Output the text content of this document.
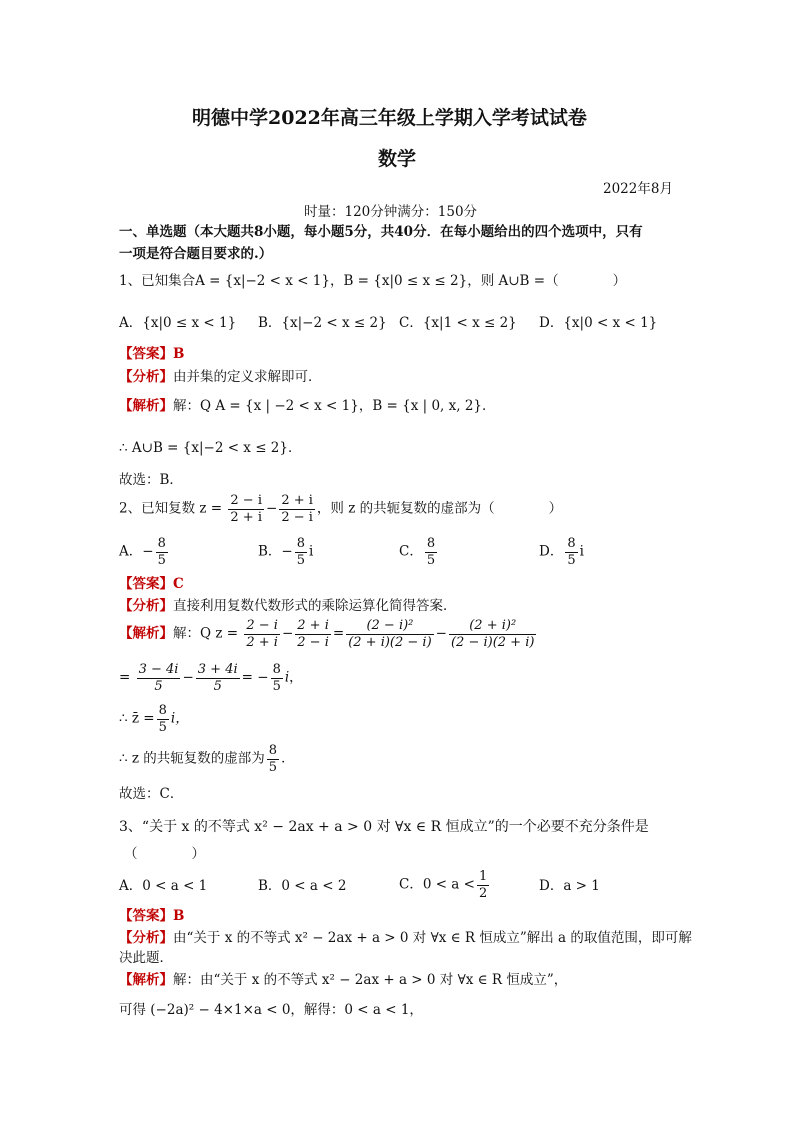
明德中学2022年高三年级上学期入学考试试卷
数学
2022年8月
时量：120分钟满分：150分
一、单选题（本大题共8小题，每小题5分，共40分．在每小题给出的四个选项中，只有
一项是符合题目要求的.）
1、已知集合A = {x|−2 < x < 1}，B = {x|0 ≤ x ≤ 2}，则 A∪B =（　　　　）
A．{x|0 ≤ x < 1} B．{x|−2 < x ≤ 2} C．{x|1 < x ≤ 2} D．{x|0 < x < 1}
【答案】B
【分析】由并集的定义求解即可．
【解析】解：Q A = {x | −2 < x < 1}，B = {x | 0, x, 2}．
∴ A∪B = {x|−2 < x ≤ 2}．
故选：B．
2、已知复数 $z = \frac{2 - i}{2 + i} - \frac{2 + i}{2 - i}$ ，则 z 的共轭复数的虚部为（　　　　）
A．− $\frac{8}{5}$	B．− $\frac{8}{5}$ i	C． $\frac{8}{5}$	D． $\frac{8}{5}$ i
【答案】C
【分析】直接利用复数代数形式的乘除运算化简得答案．
【解析】解：Q $z = \frac{2 - i}{2 + i} - \frac{2 + i}{2 - i} = \frac{\text{(2 − i)²}}{(2 + i)(2 - i)} - \frac{\text{(2 + i)²}}{(2 - i)(2 + i)}$
= $\frac{3 - 4i}{5} - \frac{3 + 4i}{5}$ = − $\frac{8}{5}$ i，
∴ z̄ = $\frac{8}{5}$ i，
∴ z 的共轭复数的虚部为 $\frac{8}{5}$ ．
故选：C．
3、“关于 x 的不等式 x² − 2ax + a > 0 对 ∀x ∈ R 恒成立”的一个必要不充分条件是
（　　　　）
A．0 < a < 1	B．0 < a < 2	C．$0 < a < \frac{1}{2}$	D．a > 1
【答案】B
【分析】由“关于 x 的不等式 x² − 2ax + a > 0 对 ∀x ∈ R 恒成立”解出 a 的取值范围，即可解
决此题．
【解析】解：由“关于 x 的不等式 x² − 2ax + a > 0 对 ∀x ∈ R 恒成立”，
可得 (−2a)² − 4×1×a < 0，解得：0 < a < 1，
